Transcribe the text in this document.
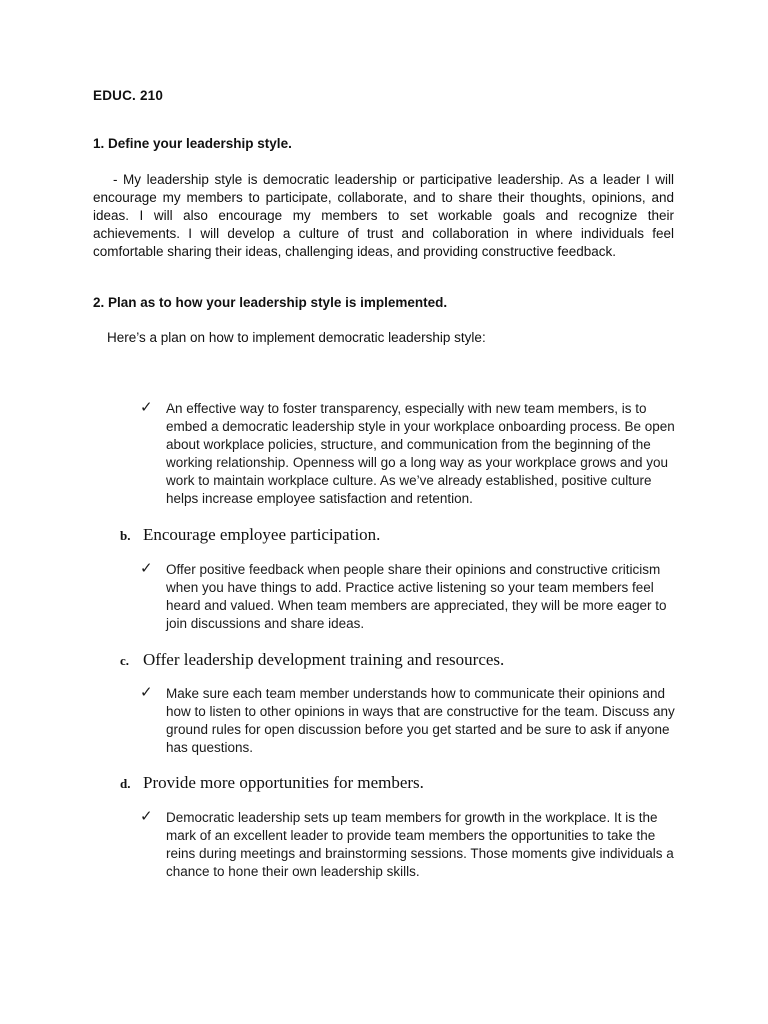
EDUC. 210
1. Define your leadership style.
- My leadership style is democratic leadership or participative leadership. As a leader I will encourage my members to participate, collaborate, and to share their thoughts, opinions, and ideas. I will also encourage my members to set workable goals and recognize their achievements. I will develop a culture of trust and collaboration in where individuals feel comfortable sharing their ideas, challenging ideas, and providing constructive feedback.
2. Plan as to how your leadership style is implemented.
Here’s a plan on how to implement democratic leadership style:
✓ An effective way to foster transparency, especially with new team members, is to embed a democratic leadership style in your workplace onboarding process. Be open about workplace policies, structure, and communication from the beginning of the working relationship. Openness will go a long way as your workplace grows and you work to maintain workplace culture. As we’ve already established, positive culture helps increase employee satisfaction and retention.
b. Encourage employee participation.
✓ Offer positive feedback when people share their opinions and constructive criticism when you have things to add. Practice active listening so your team members feel heard and valued. When team members are appreciated, they will be more eager to join discussions and share ideas.
c. Offer leadership development training and resources.
✓ Make sure each team member understands how to communicate their opinions and how to listen to other opinions in ways that are constructive for the team. Discuss any ground rules for open discussion before you get started and be sure to ask if anyone has questions.
d. Provide more opportunities for members.
✓ Democratic leadership sets up team members for growth in the workplace. It is the mark of an excellent leader to provide team members the opportunities to take the reins during meetings and brainstorming sessions. Those moments give individuals a chance to hone their own leadership skills.
